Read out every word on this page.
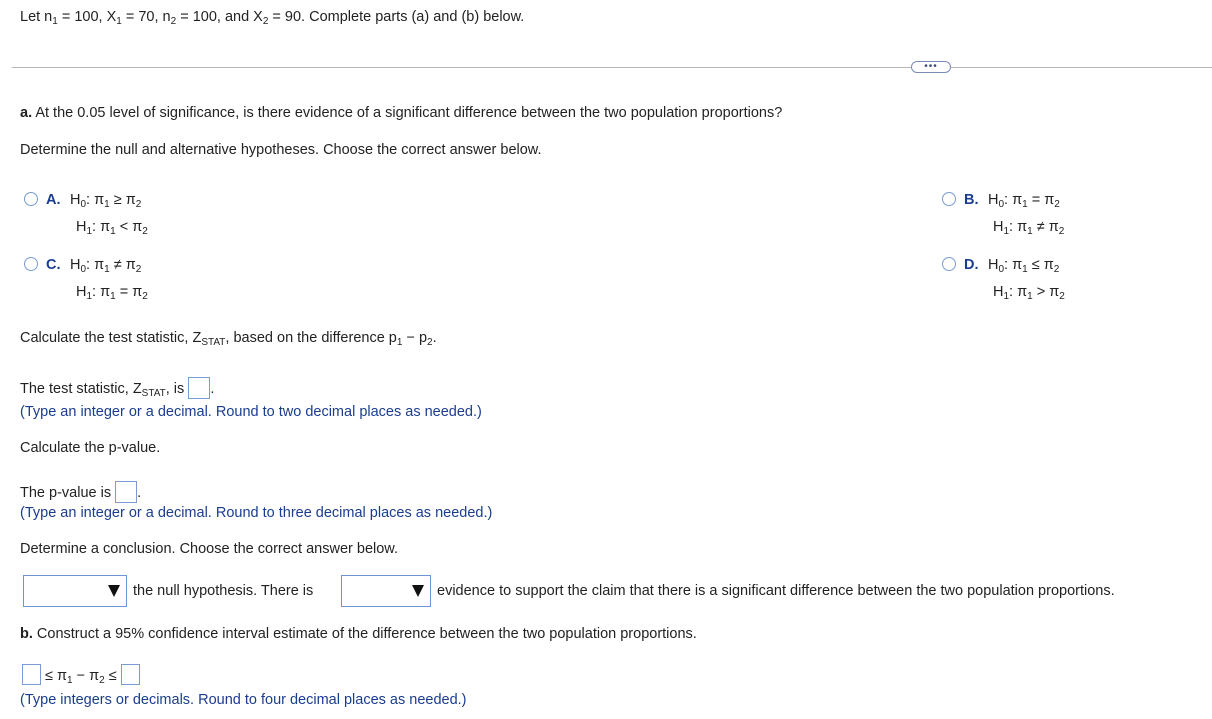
Let $n_1 = 100$, $X_1 = 70$, $n_2 = 100$, and $X_2 = 90$. Complete parts (a) and (b) below.
•••
a. At the 0.05 level of significance, is there evidence of a significant difference between the two population proportions?
Determine the null and alternative hypotheses. Choose the correct answer below.
A. $H_0$: $\pi_1 \ge \pi_2$
$H_1$: $\pi_1 < \pi_2$
B. $H_0$: $\pi_1 = \pi_2$
$H_1$: $\pi_1 \ne \pi_2$
C. $H_0$: $\pi_1 \ne \pi_2$
$H_1$: $\pi_1 = \pi_2$
D. $H_0$: $\pi_1 \le \pi_2$
$H_1$: $\pi_1 > \pi_2$
Calculate the test statistic, $Z_{STAT}$, based on the difference $p_1 - p_2$.
The test statistic, $Z_{STAT}$, is .
(Type an integer or a decimal. Round to two decimal places as needed.)
Calculate the p-value.
The p-value is .
(Type an integer or a decimal. Round to three decimal places as needed.)
Determine a conclusion. Choose the correct answer below.
the null hypothesis. There is	evidence to support the claim that there is a significant difference between the two population proportions.
b. Construct a 95% confidence interval estimate of the difference between the two population proportions.
≤ $\pi_1 - \pi_2$ ≤
(Type integers or decimals. Round to four decimal places as needed.)
